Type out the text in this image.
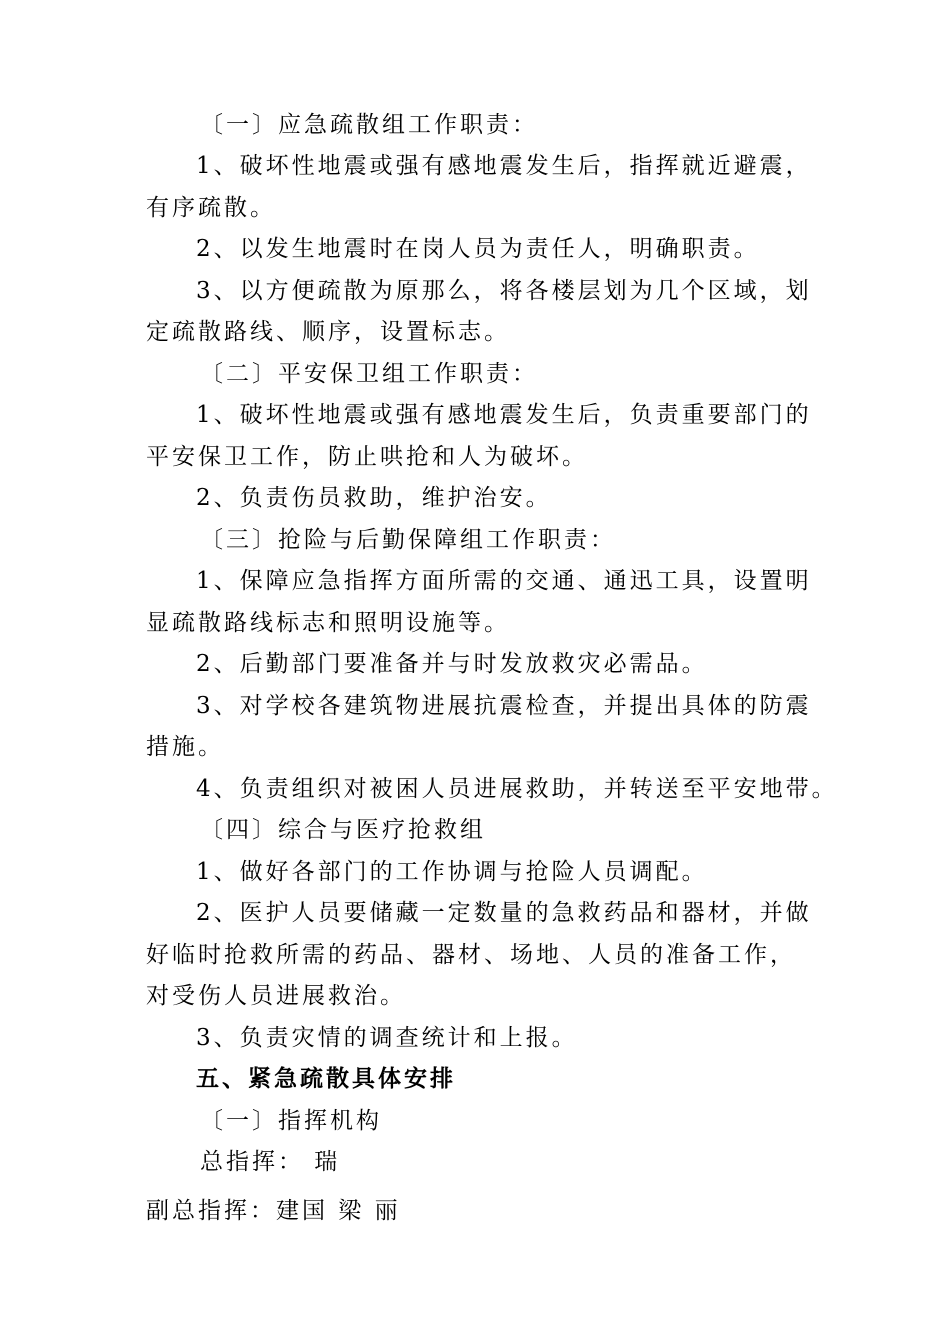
〔一〕应急疏散组工作职责：
1、破坏性地震或强有感地震发生后，指挥就近避震，
有序疏散。
2、以发生地震时在岗人员为责任人，明确职责。
3、以方便疏散为原那么，将各楼层划为几个区域，划
定疏散路线、顺序，设置标志。
〔二〕平安保卫组工作职责：
1、破坏性地震或强有感地震发生后，负责重要部门的
平安保卫工作，防止哄抢和人为破坏。
2、负责伤员救助，维护治安。
〔三〕抢险与后勤保障组工作职责：
1、保障应急指挥方面所需的交通、通迅工具，设置明
显疏散路线标志和照明设施等。
2、后勤部门要准备并与时发放救灾必需品。
3、对学校各建筑物进展抗震检查，并提出具体的防震
措施。
4、负责组织对被困人员进展救助，并转送至平安地带。
〔四〕综合与医疗抢救组
1、做好各部门的工作协调与抢险人员调配。
2、医护人员要储藏一定数量的急救药品和器材，并做
好临时抢救所需的药品、器材、场地、人员的准备工作，
对受伤人员进展救治。
3、负责灾情的调查统计和上报。
五、紧急疏散具体安排
〔一〕指挥机构
总指挥： 瑞
副总指挥：建国 梁 丽
